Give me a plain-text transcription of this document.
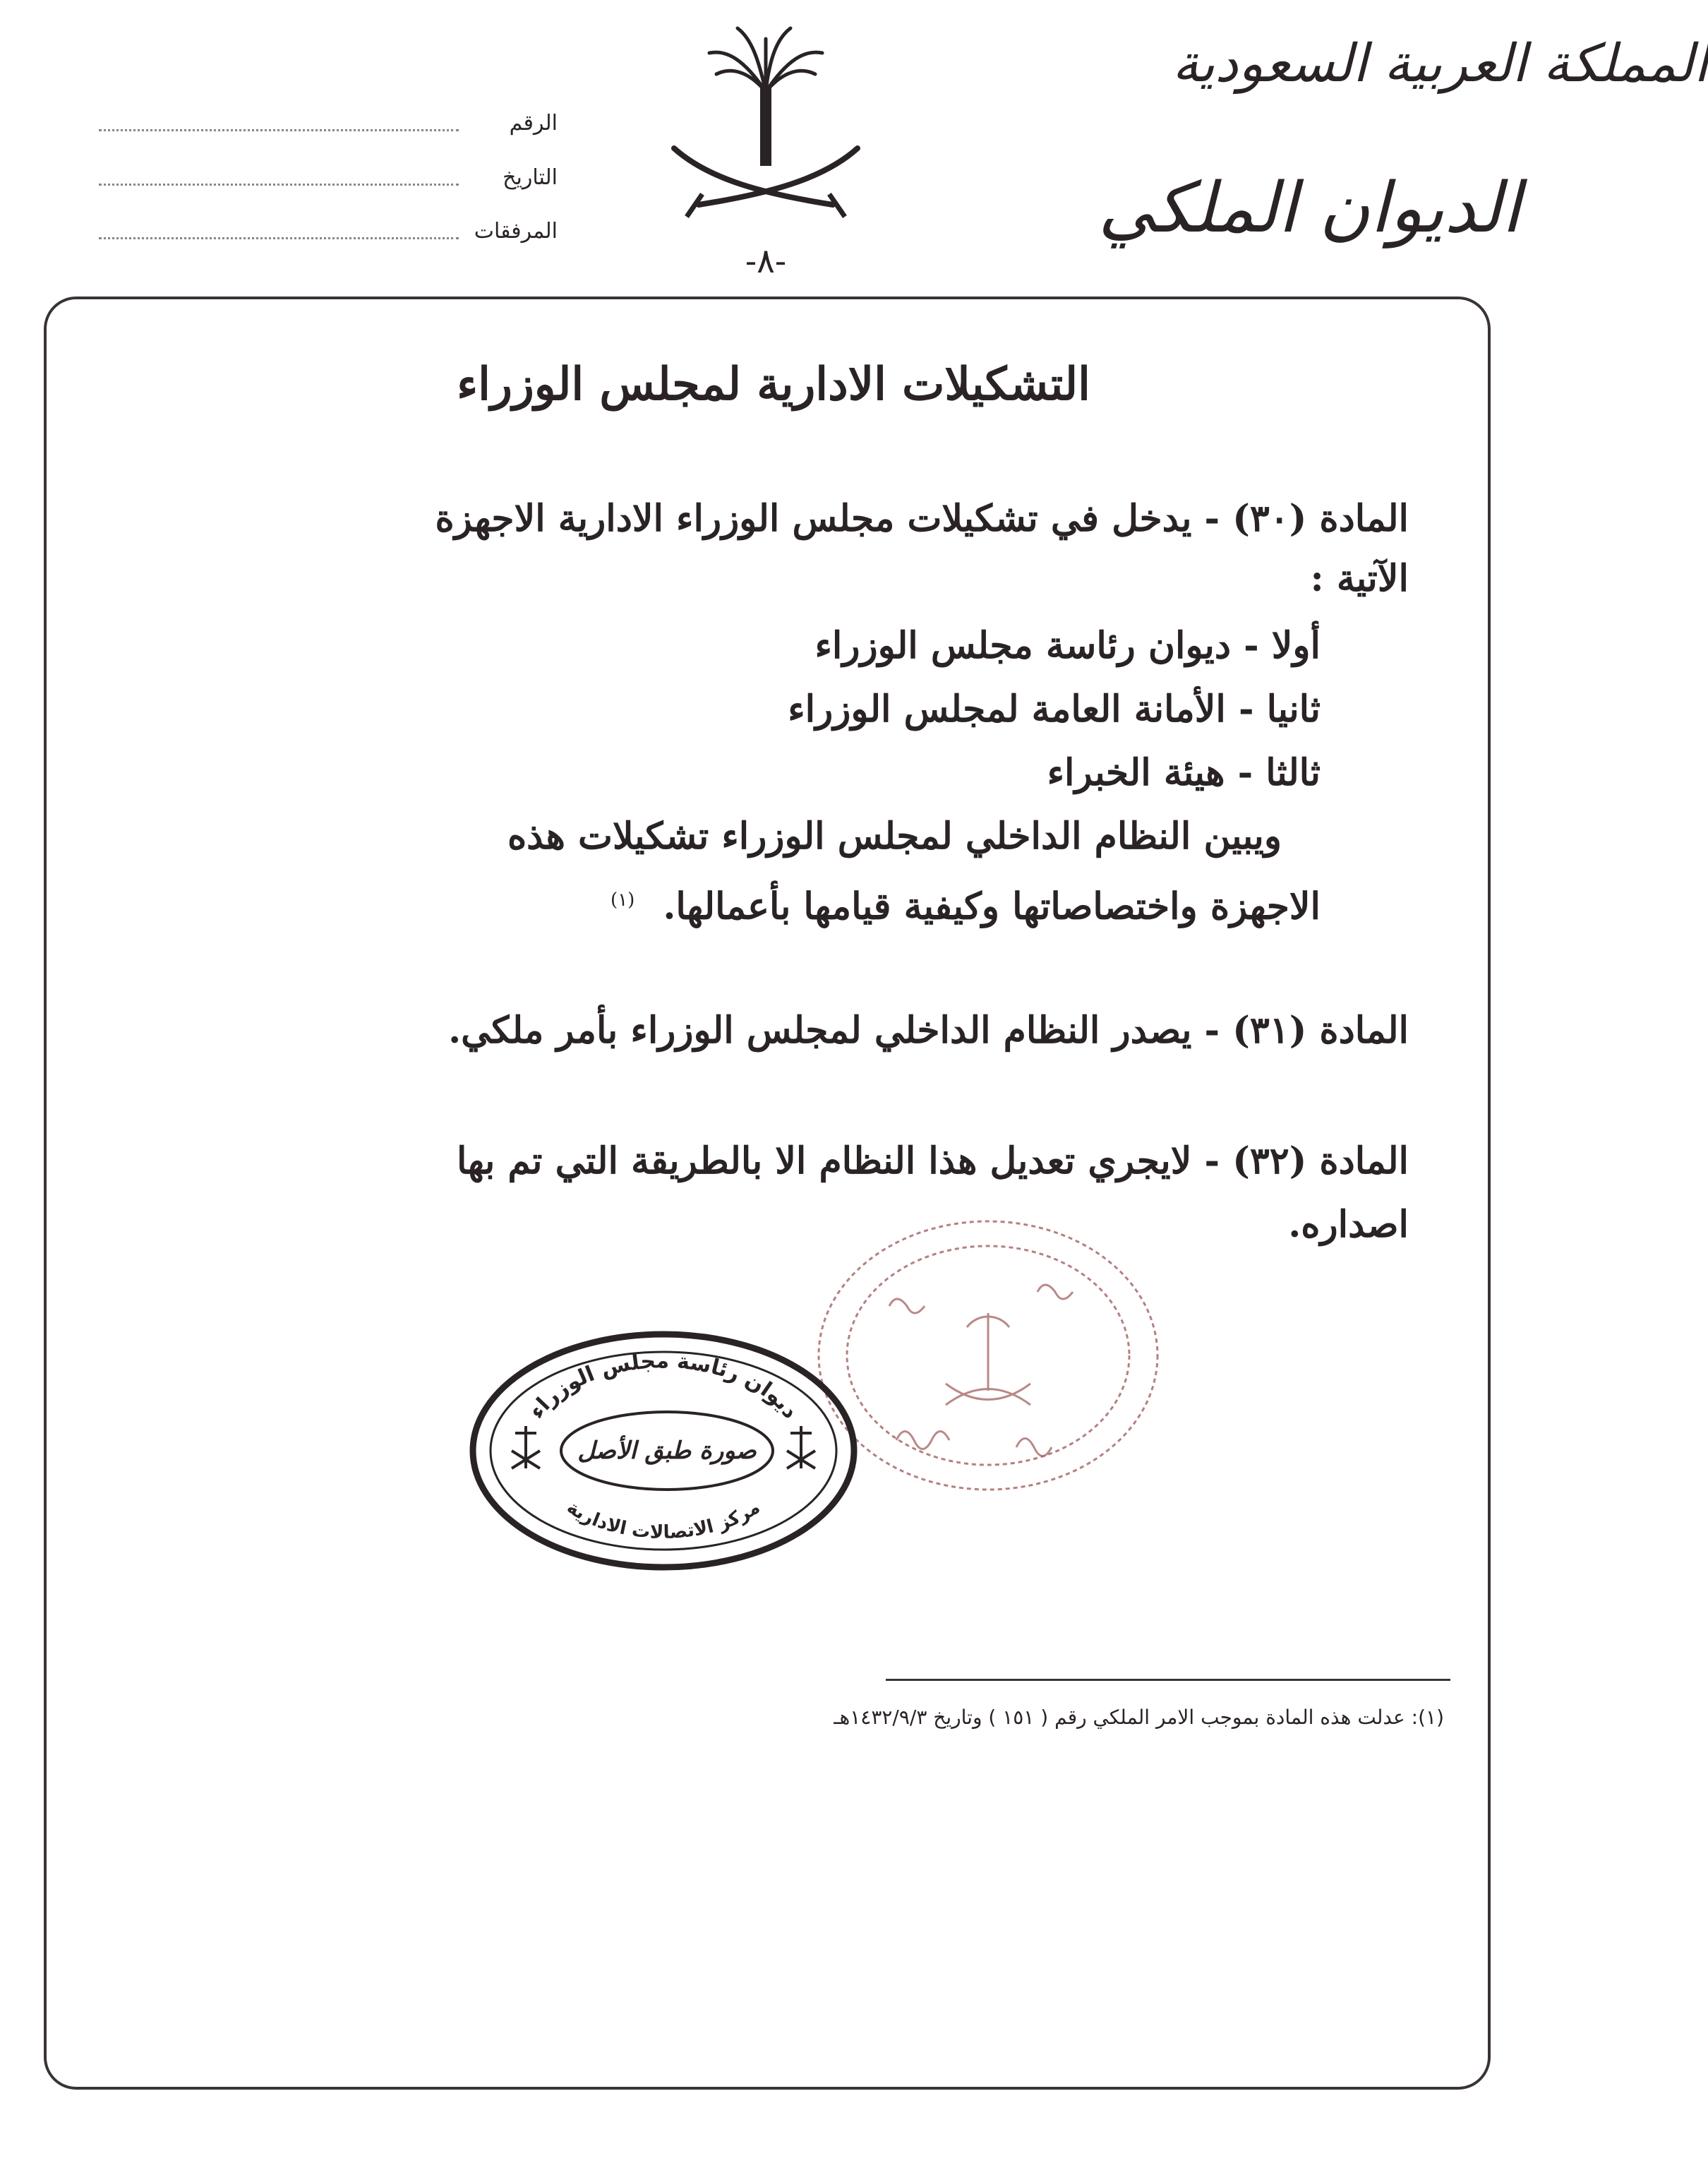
المملكة العربية السعودية
الديوان الملكي
-٨-
الرقم
التاريخ
المرفقات
التشكيلات الادارية لمجلس الوزراء
المادة (٣٠) - يدخل في تشكيلات مجلس الوزراء الادارية الاجهزة
الآتية :
أولا - ديوان رئاسة مجلس الوزراء
ثانيا - الأمانة العامة لمجلس الوزراء
ثالثا - هيئة الخبراء
ويبين النظام الداخلي لمجلس الوزراء تشكيلات هذه
الاجهزة واختصاصاتها وكيفية قيامها بأعمالها.$^{(١)}$
المادة (٣١) - يصدر النظام الداخلي لمجلس الوزراء بأمر ملكي.
المادة (٣٢) - لايجري تعديل هذا النظام الا بالطريقة التي تم بها
اصداره.
ديوان رئاسة مجلس الوزراء
صورة طبق الأصل
مركز الاتصالات الادارية
(١): عدلت هذه المادة بموجب الامر الملكي رقم ( ١٥١ ) وتاريخ ١٤٣٢/٩/٣هـ
